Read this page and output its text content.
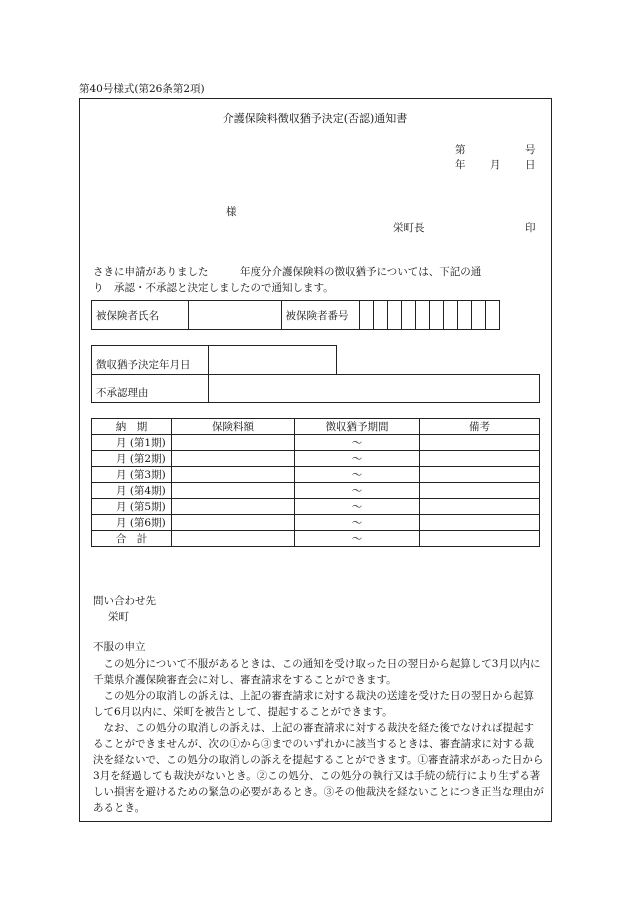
第40号様式(第26条第2項)
介護保険料徴収猶予決定(否認)通知書
第	号
年 月 日
様
栄町長	印
さきに申請がありました　　　年度分介護保険料の徴収猶予については、下記の通
り　承認・不承認と決定しましたので通知します。
被保険者氏名		被保険者番号										
徴収猶予決定年月日	
不承認理由	
納　期	保険料額	徴収猶予期間	備考
月 (第1期)		～	
月 (第2期)		～	
月 (第3期)		～	
月 (第4期)		～	
月 (第5期)		～	
月 (第6期)		～	
合　計		～	
問い合わせ先
栄町
不服の申立

この処分について不服があるときは、この通知を受け取った日の翌日から起算して3月以内に千葉県介護保険審査会に対し、審査請求をすることができます。

この処分の取消しの訴えは、上記の審査請求に対する裁決の送達を受けた日の翌日から起算して6月以内に、栄町を被告として、提起することができます。

なお、この処分の取消しの訴えは、上記の審査請求に対する裁決を経た後でなければ提起することができませんが、次の①から③までのいずれかに該当するときは、審査請求に対する裁決を経ないで、この処分の取消しの訴えを提起することができます。①審査請求があった日から3月を経過しても裁決がないとき。②この処分、この処分の執行又は手続の続行により生ずる著しい損害を避けるための緊急の必要があるとき。③その他裁決を経ないことにつき正当な理由があるとき。
